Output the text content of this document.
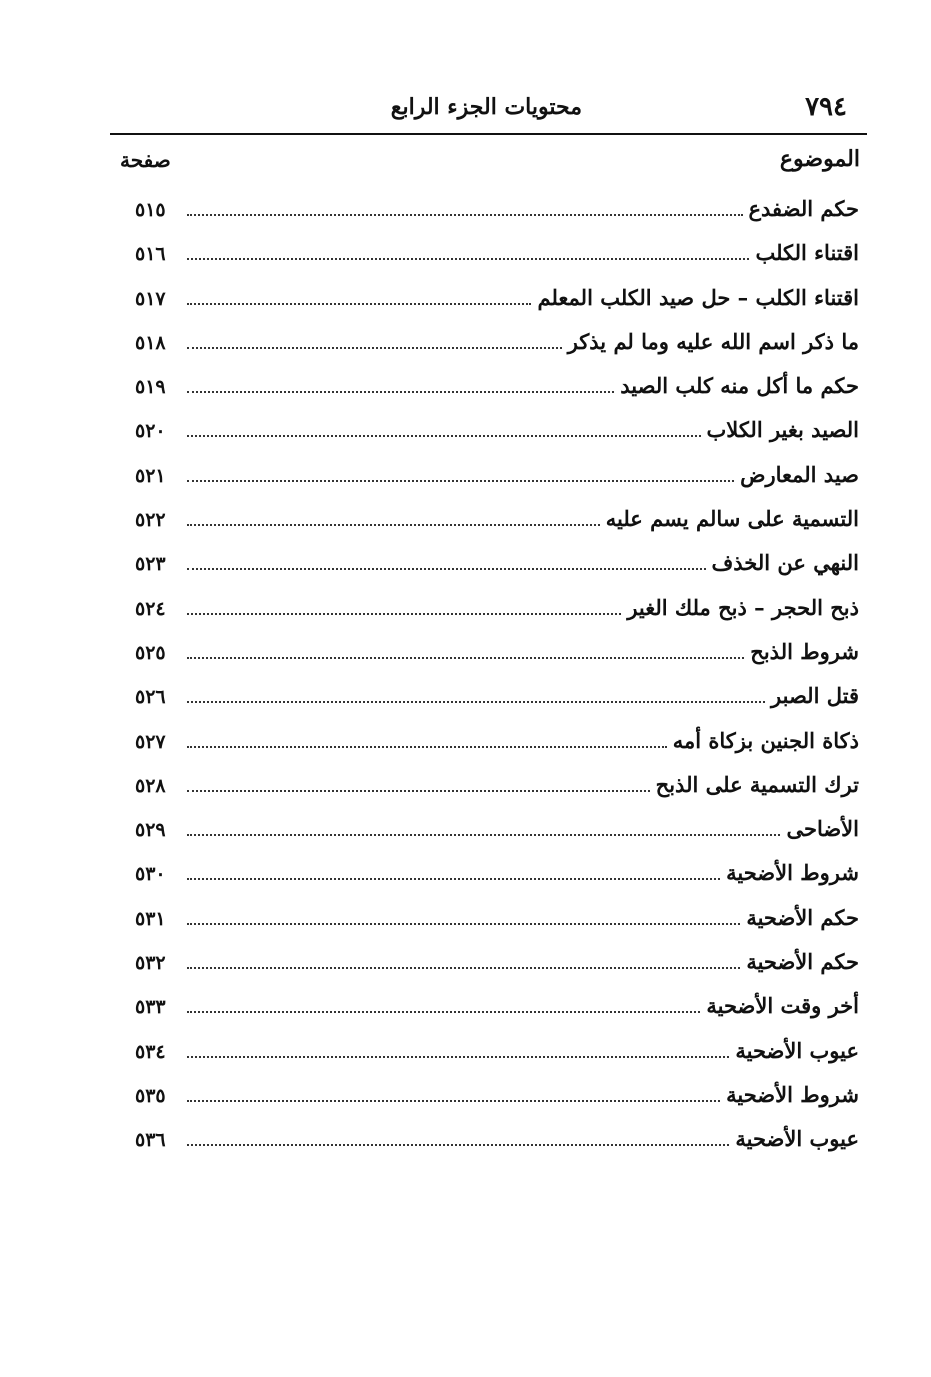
٧٩٤
محتويات الجزء الرابع
الموضوع
صفحة
حكم الضفدع
٥١٥
اقتناء الكلب
٥١٦
اقتناء الكلب – حل صيد الكلب المعلم
٥١٧
ما ذكر اسم الله عليه وما لم يذكر
٥١٨
حكم ما أكل منه كلب الصيد
٥١٩
الصيد بغير الكلاب
٥٢٠
صيد المعارض
٥٢١
التسمية على سالم يسم عليه
٥٢٢
النهي عن الخذف
٥٢٣
ذبح الحجر – ذبح ملك الغير
٥٢٤
شروط الذبح
٥٢٥
قتل الصبر
٥٢٦
ذكاة الجنين بزكاة أمه
٥٢٧
ترك التسمية على الذبح
٥٢٨
الأضاحى
٥٢٩
شروط الأضحية
٥٣٠
حكم الأضحية
٥٣١
حكم الأضحية
٥٣٢
أخر وقت الأضحية
٥٣٣
عيوب الأضحية
٥٣٤
شروط الأضحية
٥٣٥
عيوب الأضحية
٥٣٦
